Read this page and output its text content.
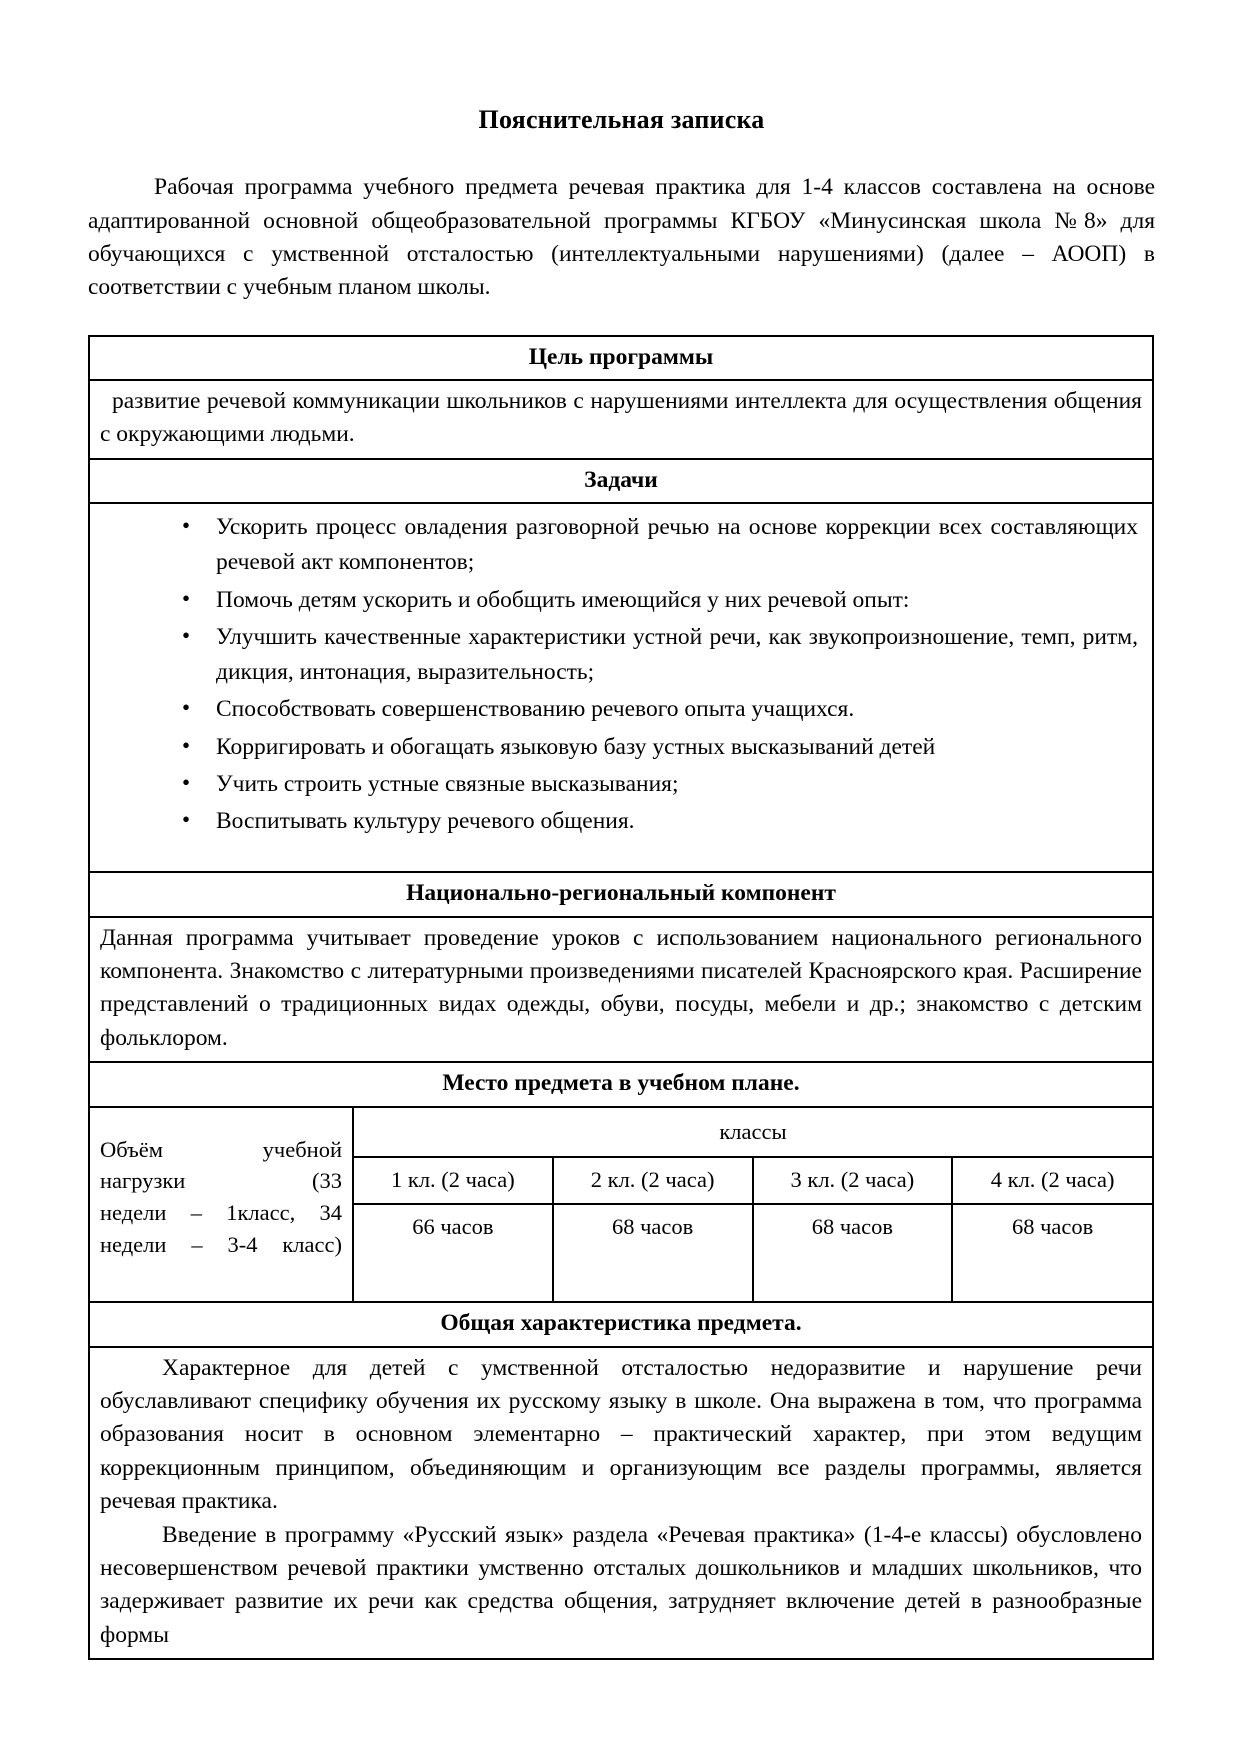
Пояснительная записка

Рабочая программа учебного предмета речевая практика для 1-4 классов составлена на основе адаптированной основной общеобразовательной программы КГБОУ «Минусинская школа №8» для обучающихся с умственной отсталостью (интеллектуальными нарушениями) (далее – АООП) в соответствии с учебным планом школы.

Цель программы
развитие речевой коммуникации школьников с нарушениями интеллекта для осуществления общения с окружающими людьми.
Задачи
• Ускорить процесс овладения разговорной речью на основе коррекции всех составляющих речевой акт компонентов;
• Помочь детям ускорить и обобщить имеющийся у них речевой опыт:
• Улучшить качественные характеристики устной речи, как звукопроизношение, темп, ритм, дикция, интонация, выразительность;
• Способствовать совершенствованию речевого опыта учащихся.
• Корригировать и обогащать языковую базу устных высказываний детей
• Учить строить устные связные высказывания;
• Воспитывать культуру речевого общения.
Национально-региональный компонент
Данная программа учитывает проведение уроков с использованием национального регионального компонента. Знакомство с литературными произведениями писателей Красноярского края. Расширение представлений о традиционных видах одежды, обуви, посуды, мебели и др.; знакомство с детским фольклором.
Место предмета в учебном плане.
Объём учебной
нагрузки (33
недели – 1класс, 34
недели – 3-4 класс)	классы			
	1 кл. (2 часа)	2 кл. (2 часа)	3 кл. (2 часа)	4 кл. (2 часа)
	66 часов	68 часов	68 часов	68 часов
Общая характеристика предмета.

Характерное для детей с умственной отсталостью недоразвитие и нарушение речи обуславливают специфику обучения их русскому языку в школе. Она выражена в том, что программа образования носит в основном элементарно – практический характер, при этом ведущим коррекционным принципом, объединяющим и организующим все разделы программы, является речевая практика.

Введение в программу «Русский язык» раздела «Речевая практика» (1-4-е классы) обусловлено несовершенством речевой практики умственно отсталых дошкольников и младших школьников, что задерживает развитие их речи как средства общения, затрудняет включение детей в разнообразные формы
